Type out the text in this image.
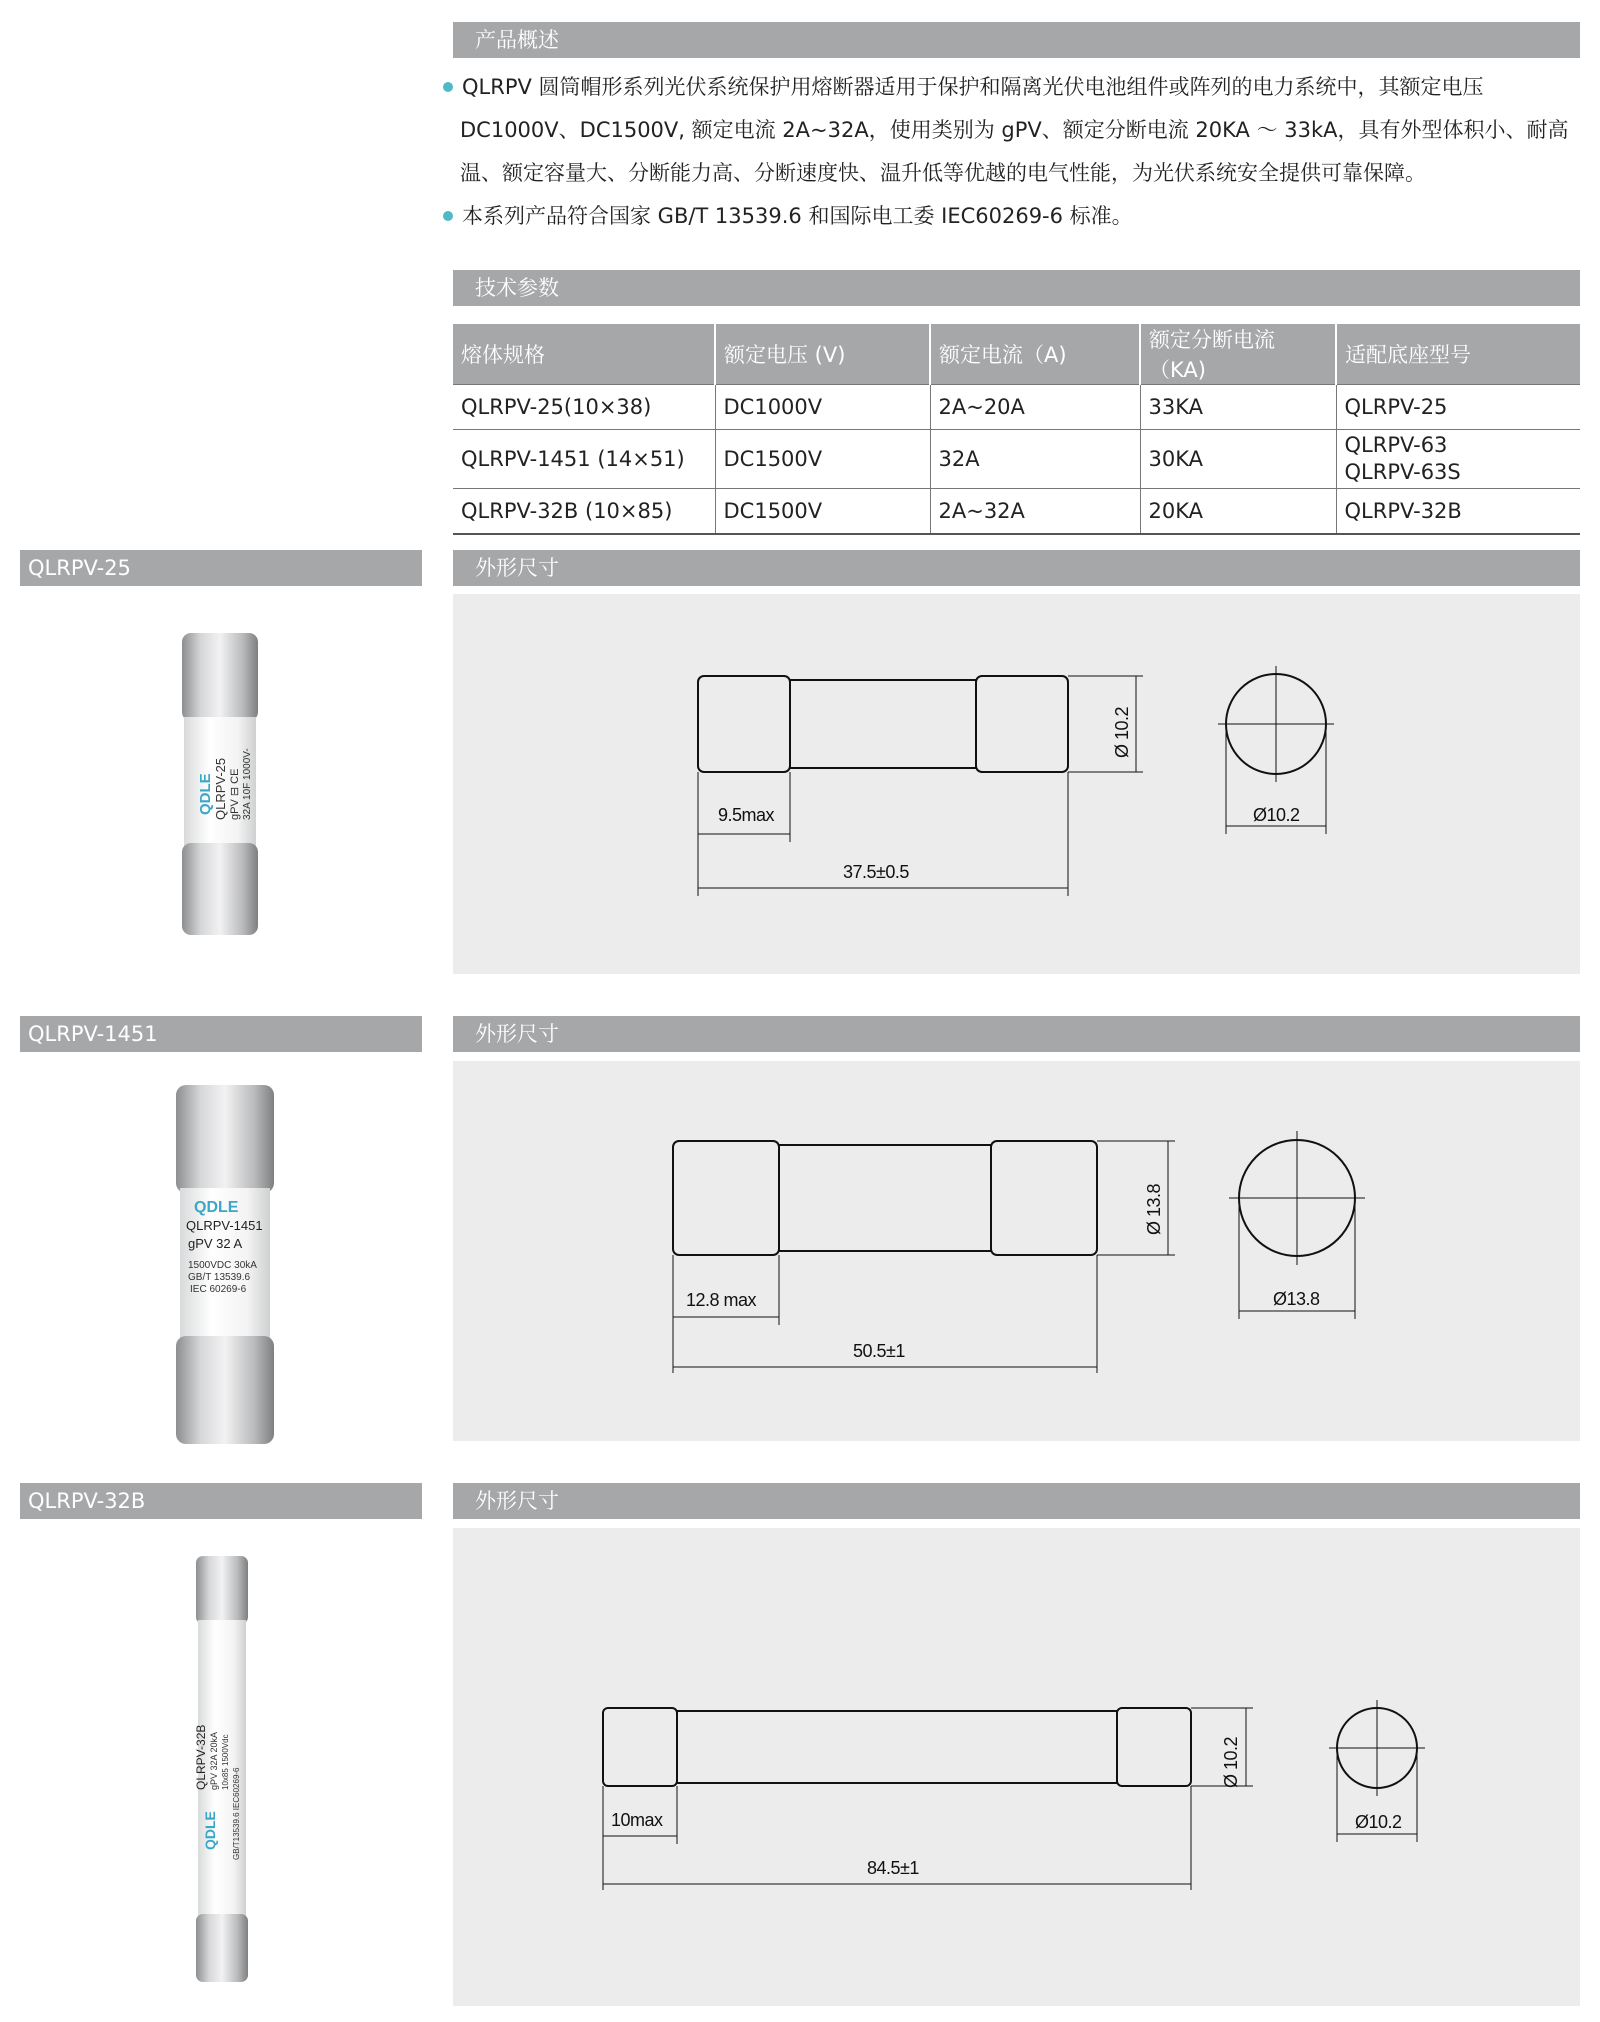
产品概述
QLRPV 圆筒帽形系列光伏系统保护用熔断器适用于保护和隔离光伏电池组件或阵列的电力系统中，其额定电压DC1000V、DC1500V, 额定电流 2A~32A，使用类别为 gPV、额定分断电流 20KA ～ 33kA，具有外型体积小、耐高温、额定容量大、分断能力高、分断速度快、温升低等优越的电气性能，为光伏系统安全提供可靠保障。
本系列产品符合国家 GB/T 13539.6 和国际电工委 IEC60269-6 标准。
技术参数
熔体规格	额定电压 (V)	额定电流（A)	额定分断电流（KA)	适配底座型号
QLRPV-25(10×38)	DC1000V	2A~20A	33KA	QLRPV-25
QLRPV-1451 (14×51)	DC1500V	32A	30KA	QLRPV-63
QLRPV-63S

QLRPV-32B (10×85)	DC1500V	2A~32A	20KA	QLRPV-32B
QLRPV-25	外形尺寸
QDLE QLRPV-25 gPV ⊟ CE 32A 10F 1000V-	9.5max
37.5±0.5
Ø10.2
Ø 10.2
QLRPV-1451	外形尺寸
QDLE
QLRPV-1451
gPV 32 A
1500VDC 30kA
GB/T 13539.6
IEC 60269-6
12.8 max
50.5±1
Ø13.8
Ø 13.8
QLRPV-32B	外形尺寸
QDLE
QLRPV-32B gPV 32A 20kA 10x85 1500Vdc
GB/T13539.6 IEC60269-6	10max
84.5±1
Ø10.2
Ø 10.2
